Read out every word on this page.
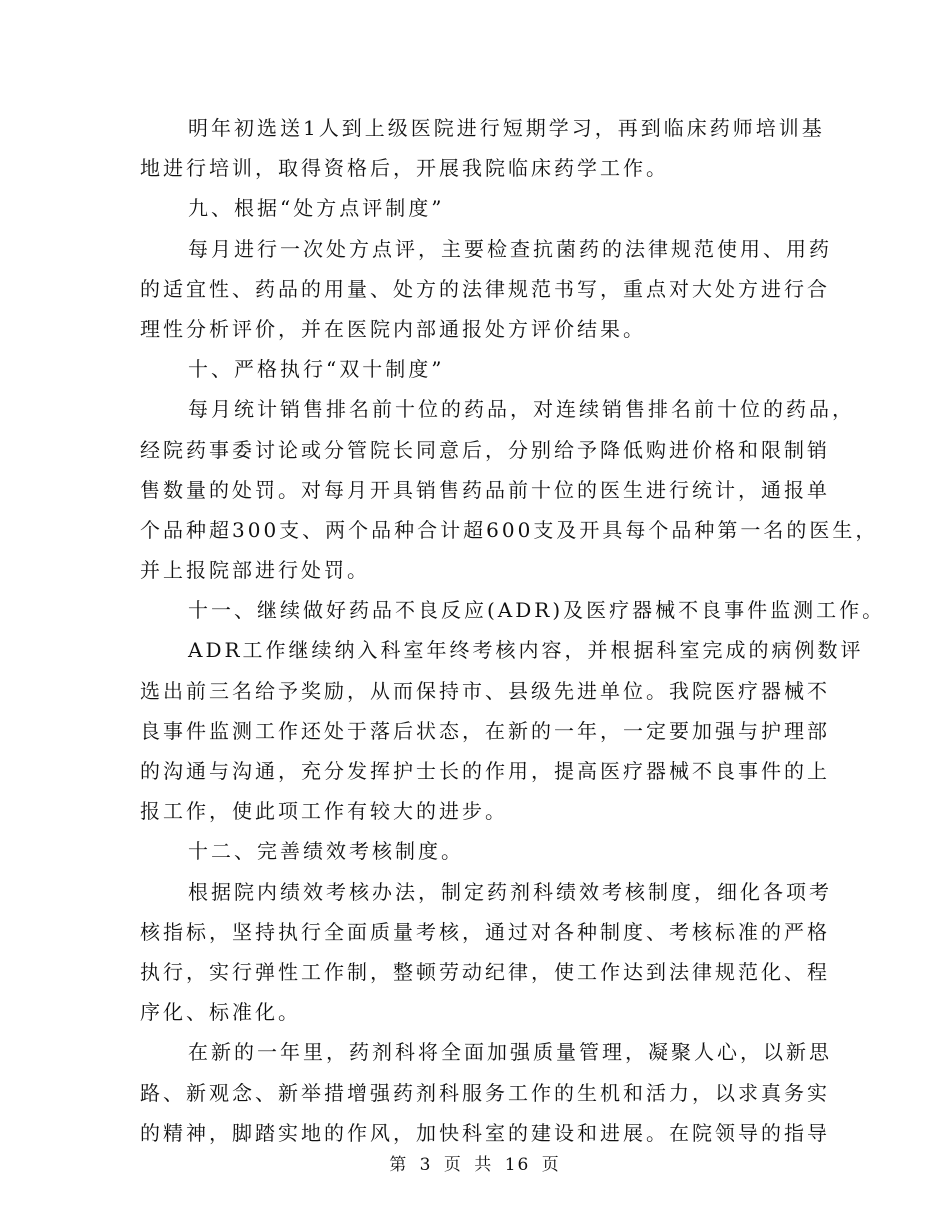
明年初选送1人到上级医院进行短期学习，再到临床药师培训基
地进行培训，取得资格后，开展我院临床药学工作。
九、根据“处方点评制度”
每月进行一次处方点评，主要检查抗菌药的法律规范使用、用药
的适宜性、药品的用量、处方的法律规范书写，重点对大处方进行合
理性分析评价，并在医院内部通报处方评价结果。
十、严格执行“双十制度”
每月统计销售排名前十位的药品，对连续销售排名前十位的药品，
经院药事委讨论或分管院长同意后，分别给予降低购进价格和限制销
售数量的处罚。对每月开具销售药品前十位的医生进行统计，通报单
个品种超300支、两个品种合计超600支及开具每个品种第一名的医生，
并上报院部进行处罚。
十一、继续做好药品不良反应(ADR)及医疗器械不良事件监测工作。
ADR工作继续纳入科室年终考核内容，并根据科室完成的病例数评
选出前三名给予奖励，从而保持市、县级先进单位。我院医疗器械不
良事件监测工作还处于落后状态，在新的一年，一定要加强与护理部
的沟通与沟通，充分发挥护士长的作用，提高医疗器械不良事件的上
报工作，使此项工作有较大的进步。
十二、完善绩效考核制度。
根据院内绩效考核办法，制定药剂科绩效考核制度，细化各项考
核指标，坚持执行全面质量考核，通过对各种制度、考核标准的严格
执行，实行弹性工作制，整顿劳动纪律，使工作达到法律规范化、程
序化、标准化。
在新的一年里，药剂科将全面加强质量管理，凝聚人心，以新思
路、新观念、新举措增强药剂科服务工作的生机和活力，以求真务实
的精神，脚踏实地的作风，加快科室的建设和进展。在院领导的指导
第 3 页 共 16 页
